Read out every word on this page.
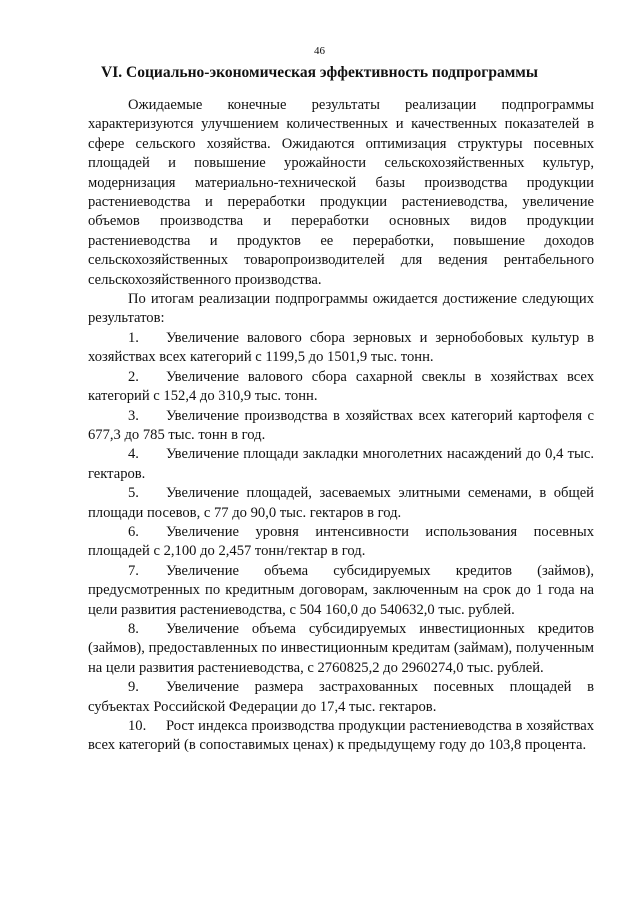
46
VI. Социально-экономическая эффективность подпрограммы

Ожидаемые конечные результаты реализации подпрограммы характеризуются улучшением количественных и качественных показателей в сфере сельского хозяйства. Ожидаются оптимизация структуры посевных площадей и повышение урожайности сельскохозяйственных культур, модернизация материально-технической базы производства продукции растениеводства и переработки продукции растениеводства, увеличение объемов производства и переработки основных видов продукции растениеводства и продуктов ее переработки, повышение доходов сельскохозяйственных товаропроизводителей для ведения рентабельного сельскохозяйственного производства.

По итогам реализации подпрограммы ожидается достижение следующих результатов:

1. Увеличение валового сбора зерновых и зернобобовых культур в хозяйствах всех категорий с 1199,5 до 1501,9 тыс. тонн.

2. Увеличение валового сбора сахарной свеклы в хозяйствах всех категорий с 152,4 до 310,9 тыс. тонн.

3. Увеличение производства в хозяйствах всех категорий картофеля с 677,3 до 785 тыс. тонн в год.

4. Увеличение площади закладки многолетних насаждений до 0,4 тыс. гектаров.

5. Увеличение площадей, засеваемых элитными семенами, в общей площади посевов, с 77 до 90,0 тыс. гектаров в год.

6. Увеличение уровня интенсивности использования посевных площадей с 2,100 до 2,457 тонн/гектар в год.

7. Увеличение объема субсидируемых кредитов (займов), предусмотренных по кредитным договорам, заключенным на срок до 1 года на цели развития растениеводства, с 504 160,0 до 540632,0 тыс. рублей.

8. Увеличение объема субсидируемых инвестиционных кредитов (займов), предоставленных по инвестиционным кредитам (займам), полученным на цели развития растениеводства, с 2760825,2 до 2960274,0 тыс. рублей.

9. Увеличение размера застрахованных посевных площадей в субъектах Российской Федерации до 17,4 тыс. гектаров.

10. Рост индекса производства продукции растениеводства в хозяйствах всех категорий (в сопоставимых ценах) к предыдущему году до 103,8 процента.
